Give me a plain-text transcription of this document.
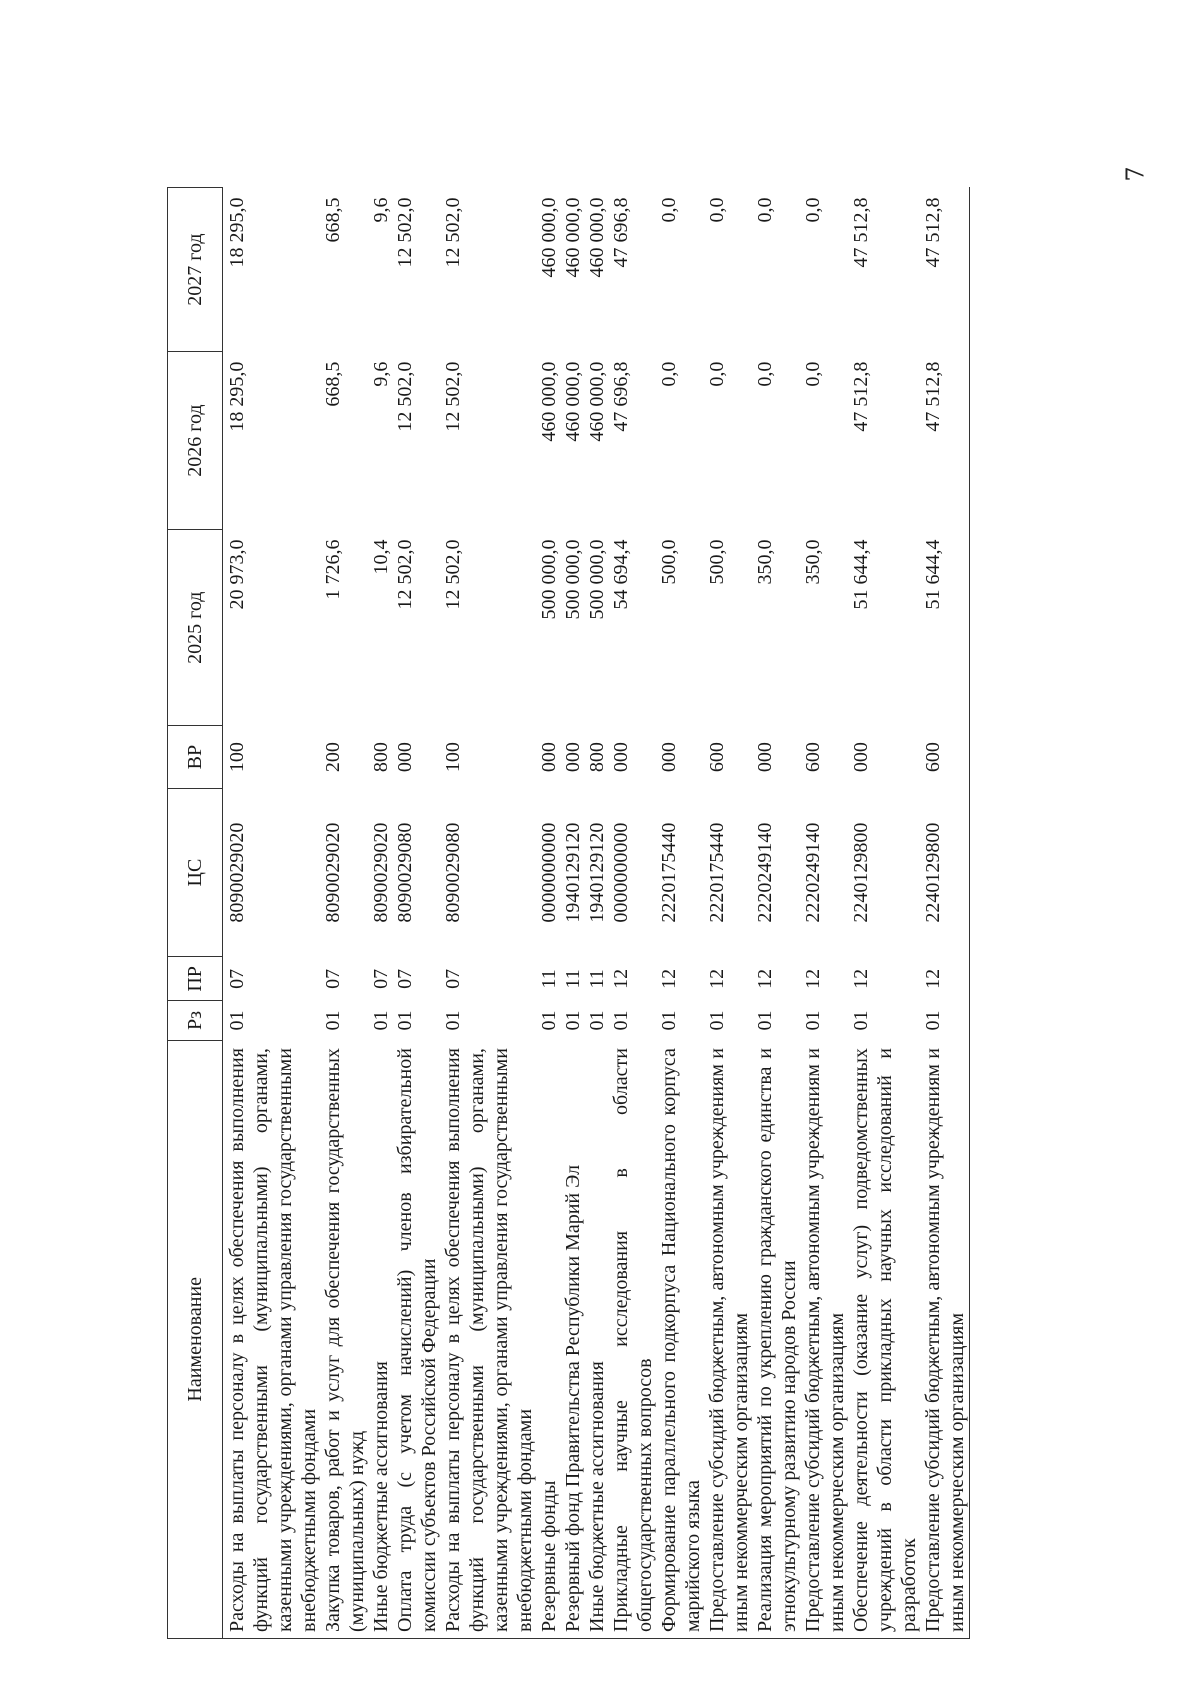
7
Наименование	Рз	ПР	ЦС	ВР	2025 год	2026 год	2027 год
Расходы на выплаты персоналу в целях обеспечения выполнения функций государственными (муниципальными) органами, казенными учреждениями, органами управления государственными внебюджетными фондами	01	07	8090029020	100	20 973,0	18 295,0	18 295,0
Закупка товаров, работ и услуг для обеспечения государственных (муниципальных) нужд	01	07	8090029020	200	1 726,6	668,5	668,5
Иные бюджетные ассигнования	01	07	8090029020	800	10,4	9,6	9,6
Оплата труда (с учетом начислений) членов избирательной комиссии субъектов Российской Федерации	01	07	8090029080	000	12 502,0	12 502,0	12 502,0
Расходы на выплаты персоналу в целях обеспечения выполнения функций государственными (муниципальными) органами, казенными учреждениями, органами управления государственными внебюджетными фондами	01	07	8090029080	100	12 502,0	12 502,0	12 502,0
Резервные фонды	01	11	0000000000	000	500 000,0	460 000,0	460 000,0
Резервный фонд Правительства Республики Марий Эл	01	11	1940129120	000	500 000,0	460 000,0	460 000,0
Иные бюджетные ассигнования	01	11	1940129120	800	500 000,0	460 000,0	460 000,0
Прикладные научные исследования в области общегосударственных вопросов	01	12	0000000000	000	54 694,4	47 696,8	47 696,8
Формирование параллельного подкорпуса Национального корпуса марийского языка	01	12	2220175440	000	500,0	0,0	0,0
Предоставление субсидий бюджетным, автономным учреждениям и иным некоммерческим организациям	01	12	2220175440	600	500,0	0,0	0,0
Реализация мероприятий по укреплению гражданского единства и этнокультурному развитию народов России	01	12	2220249140	000	350,0	0,0	0,0
Предоставление субсидий бюджетным, автономным учреждениям и иным некоммерческим организациям	01	12	2220249140	600	350,0	0,0	0,0
Обеспечение деятельности (оказание услуг) подведомственных учреждений в области прикладных научных исследований и разработок	01	12	2240129800	000	51 644,4	47 512,8	47 512,8
Предоставление субсидий бюджетным, автономным учреждениям и иным некоммерческим организациям	01	12	2240129800	600	51 644,4	47 512,8	47 512,8
